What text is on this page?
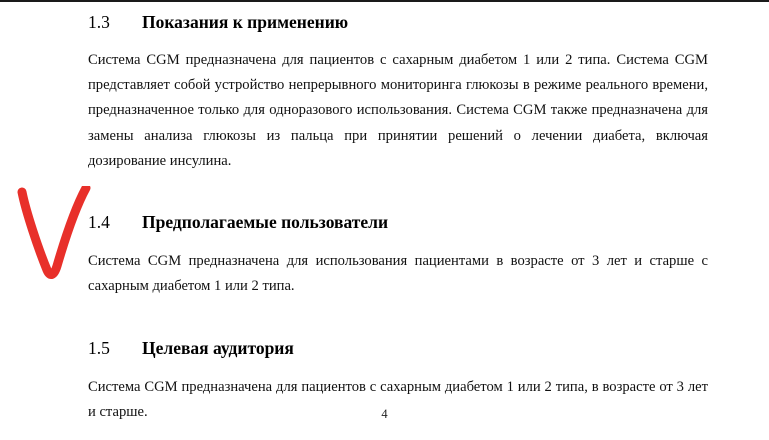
1.3	Показания к применению

Система CGM предназначена для пациентов с сахарным диабетом 1 или 2 типа. Система CGM представляет собой устройство непрерывного мониторинга глюкозы в режиме реального времени, предназначенное только для одноразового использования. Система CGM также предназначена для замены анализа глюкозы из пальца при принятии решений о лечении диабета, включая дозирование инсулина.

1.4	Предполагаемые пользователи

Система CGM предназначена для использования пациентами в возрасте от 3 лет и старше с сахарным диабетом 1 или 2 типа.

1.5	Целевая аудитория

Система CGM предназначена для пациентов с сахарным диабетом 1 или 2 типа, в возрасте от 3 лет и старше.	4
